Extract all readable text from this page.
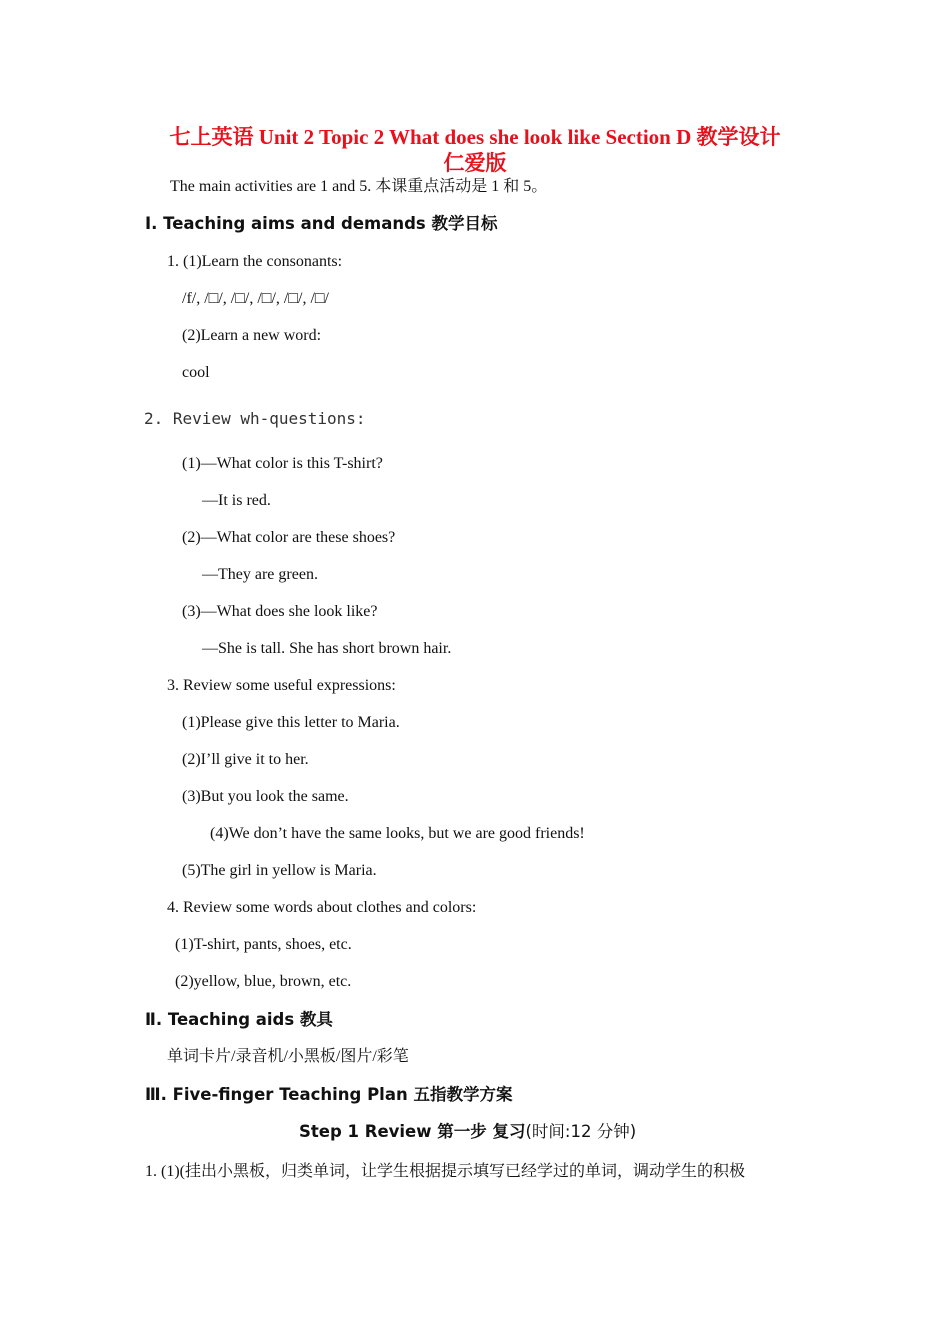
七上英语 Unit 2 Topic 2 What does she look like Section D 教学设计
仁爱版
The main activities are 1 and 5. 本课重点活动是 1 和 5。
Ⅰ. Teaching aims and demands 教学目标
1. (1)Learn the consonants:
/f/, /□/, /□/, /□/, /□/, /□/
(2)Learn a new word:
cool
2. Review wh-questions:
(1)—What color is this T-shirt?
—It is red.
(2)—What color are these shoes?
—They are green.
(3)—What does she look like?
—She is tall. She has short brown hair.
3. Review some useful expressions:
(1)Please give this letter to Maria.
(2)I’ll give it to her.
(3)But you look the same.
(4)We don’t have the same looks, but we are good friends!
(5)The girl in yellow is Maria.
4. Review some words about clothes and colors:
(1)T-shirt, pants, shoes, etc.
(2)yellow, blue, brown, etc.
Ⅱ. Teaching aids 教具
单词卡片/录音机/小黑板/图片/彩笔
Ⅲ. Five-finger Teaching Plan 五指教学方案
Step 1 Review 第一步 复习(时间:12 分钟)
1. (1)(挂出小黑板，归类单词，让学生根据提示填写已经学过的单词，调动学生的积极
